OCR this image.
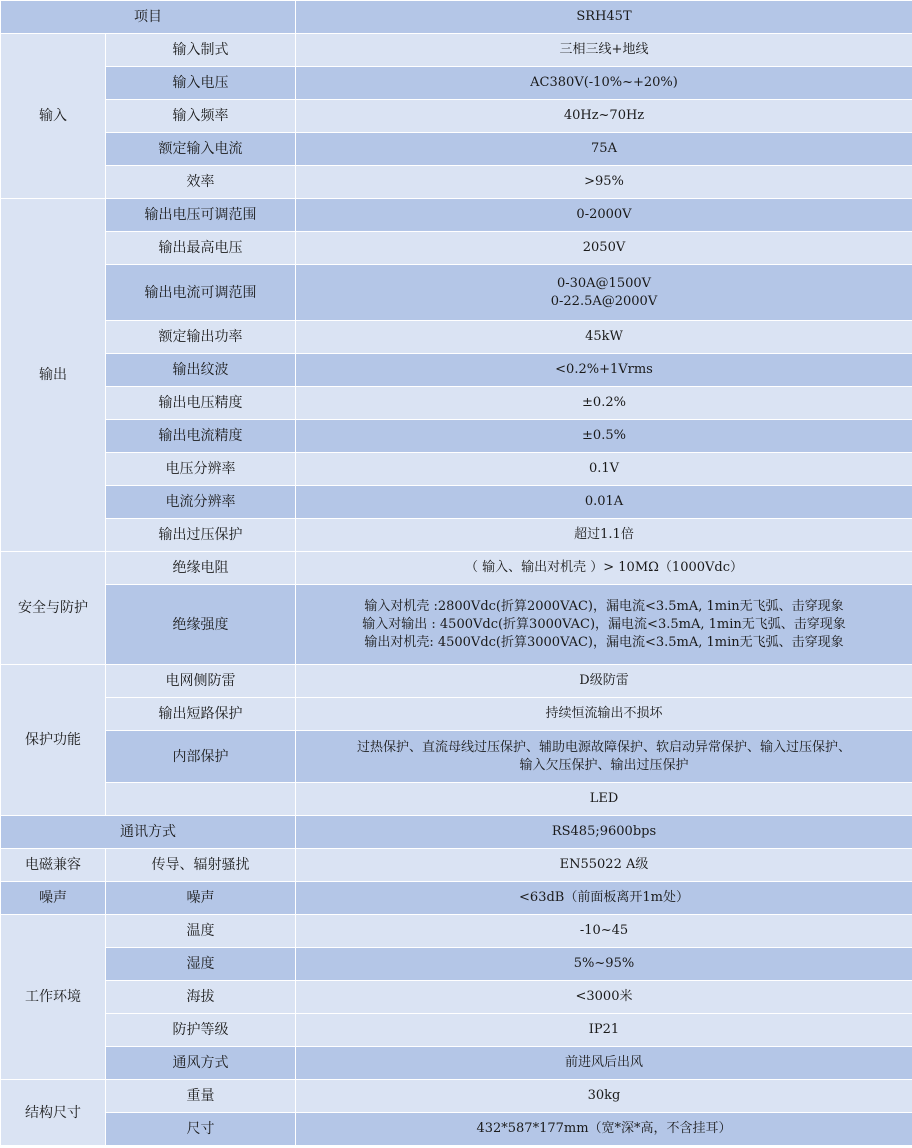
项目		SRH45T
输入	输入制式	三相三线+地线

	输入电压	AC380V(-10%~+20%)

	输入频率	40Hz~70Hz

	额定输入电流	75A

	效率	>95%

输出	输出电压可调范围	0-2000V

	输出最高电压	2050V

	输出电流可调范围	0-30A@1500V
0-22.5A@2000V

	额定输出功率	45kW

	输出纹波	<0.2%+1Vrms

	输出电压精度	±0.2%

	输出电流精度	±0.5%

	电压分辨率	0.1V

	电流分辨率	0.01A

	输出过压保护	超过1.1倍

安全与防护	绝缘电阻	（ 输入、输出对机壳 ）> 10MΩ（1000Vdc）

	绝缘强度	输入对机壳 :2800Vdc(折算2000VAC)，漏电流<3.5mA, 1min无飞弧、击穿现象
输入对输出 : 4500Vdc(折算3000VAC)，漏电流<3.5mA, 1min无飞弧、击穿现象
输出对机壳: 4500Vdc(折算3000VAC)，漏电流<3.5mA, 1min无飞弧、击穿现象

保护功能	电网侧防雷	D级防雷

	输出短路保护	持续恒流输出不损坏

	内部保护	过热保护、直流母线过压保护、辅助电源故障保护、软启动异常保护、输入过压保护、
输入欠压保护、输出过压保护

		LED

通讯方式		RS485;9600bps

电磁兼容	传导、辐射骚扰	EN55022 A级

噪声	噪声	<63dB（前面板离开1m处）

工作环境	温度	-10~45

	湿度	5%~95%

	海拔	<3000米

	防护等级	IP21

	通风方式	前进风后出风

结构尺寸	重量	30kg

	尺寸	432*587*177mm（宽*深*高，不含挂耳）
